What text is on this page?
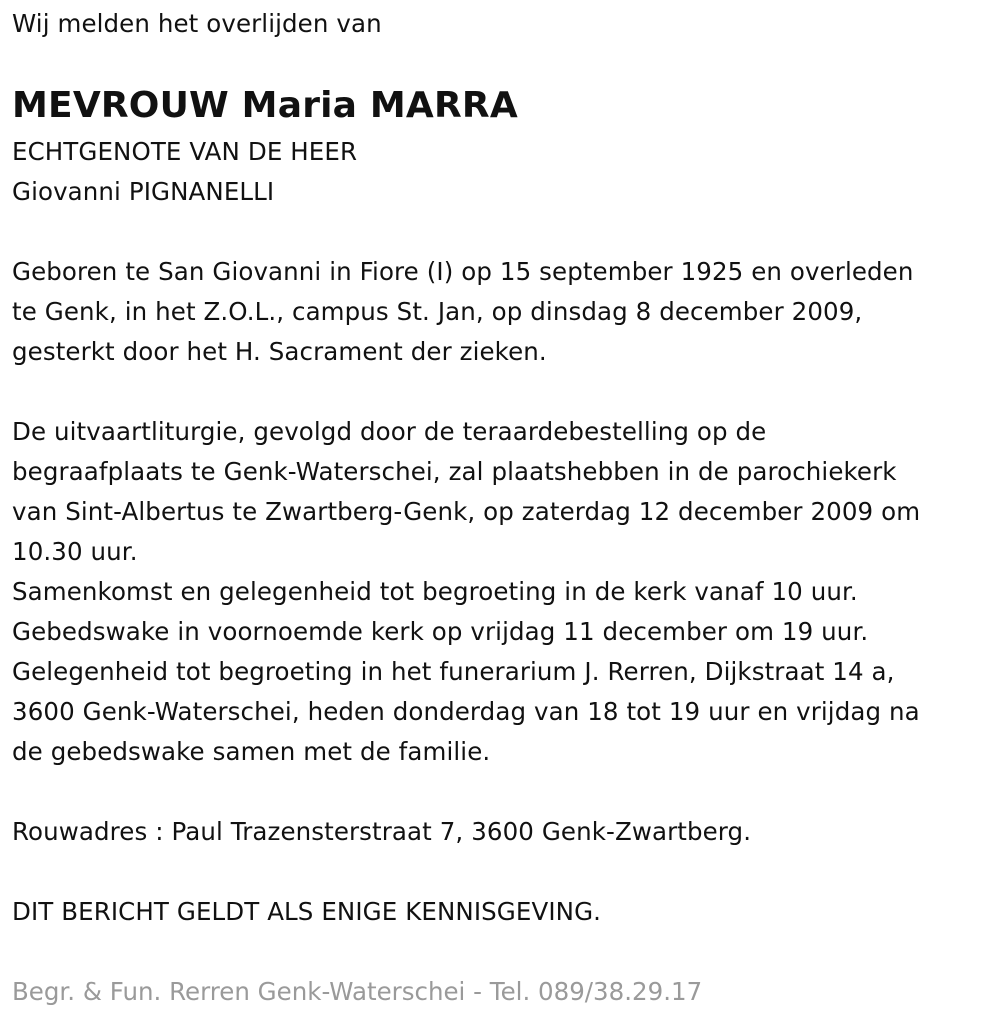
Wij melden het overlijden van
MEVROUW Maria MARRA
ECHTGENOTE VAN DE HEER
Giovanni PIGNANELLI
Geboren te San Giovanni in Fiore (I) op 15 september 1925 en overleden
te Genk, in het Z.O.L., campus St. Jan, op dinsdag 8 december 2009,
gesterkt door het H. Sacrament der zieken.
De uitvaartliturgie, gevolgd door de teraardebestelling op de
begraafplaats te Genk-Waterschei, zal plaatshebben in de parochiekerk
van Sint-Albertus te Zwartberg-Genk, op zaterdag 12 december 2009 om
10.30 uur.
Samenkomst en gelegenheid tot begroeting in de kerk vanaf 10 uur.
Gebedswake in voornoemde kerk op vrijdag 11 december om 19 uur.
Gelegenheid tot begroeting in het funerarium J. Rerren, Dijkstraat 14 a,
3600 Genk-Waterschei, heden donderdag van 18 tot 19 uur en vrijdag na
de gebedswake samen met de familie.
Rouwadres : Paul Trazensterstraat 7, 3600 Genk-Zwartberg.
DIT BERICHT GELDT ALS ENIGE KENNISGEVING.
Begr. & Fun. Rerren Genk-Waterschei - Tel. 089/38.29.17
